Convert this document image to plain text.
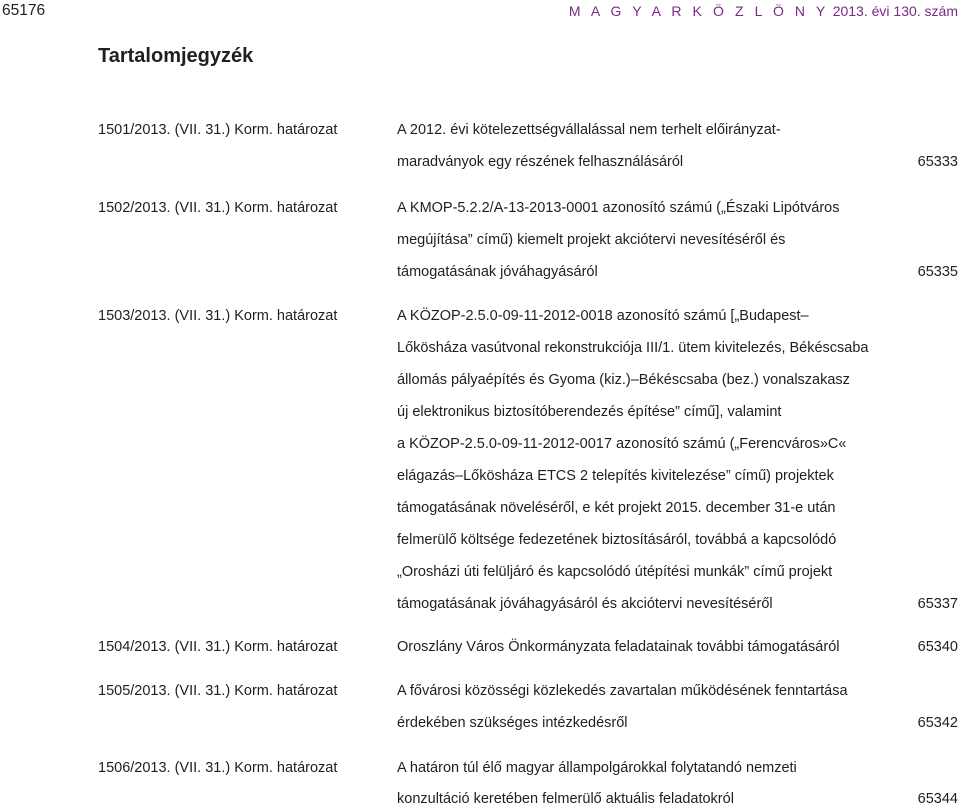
65176	M A G Y A R K Ö Z L Ö N Y 2013. évi 130. szám
Tartalomjegyzék
1501/2013. (VII. 31.) Korm. határozat	A 2012. évi kötelezettségvállalással nem terhelt előirányzat-
maradványok egy részének felhasználásáról	65333
1502/2013. (VII. 31.) Korm. határozat	A KMOP-5.2.2/A-13-2013-0001 azonosító számú („Északi Lipótváros
megújítása” című) kiemelt projekt akciótervi nevesítéséről és
támogatásának jóváhagyásáról	65335
1503/2013. (VII. 31.) Korm. határozat	A KÖZOP-2.5.0-09-11-2012-0018 azonosító számú [„Budapest–
Lőkösháza vasútvonal rekonstrukciója III/1. ütem kivitelezés, Békéscsaba
állomás pályaépítés és Gyoma (kiz.)–Békéscsaba (bez.) vonalszakasz
új elektronikus biztosítóberendezés építése” című], valamint
a KÖZOP-2.5.0-09-11-2012-0017 azonosító számú („Ferencváros»C«
elágazás–Lőkösháza ETCS 2 telepítés kivitelezése” című) projektek
támogatásának növeléséről, e két projekt 2015. december 31-e után
felmerülő költsége fedezetének biztosításáról, továbbá a kapcsolódó
„Orosházi úti felüljáró és kapcsolódó útépítési munkák” című projekt
támogatásának jóváhagyásáról és akciótervi nevesítéséről	65337
1504/2013. (VII. 31.) Korm. határozat	Oroszlány Város Önkormányzata feladatainak további támogatásáról	65340
1505/2013. (VII. 31.) Korm. határozat	A fővárosi közösségi közlekedés zavartalan működésének fenntartása
érdekében szükséges intézkedésről	65342
1506/2013. (VII. 31.) Korm. határozat	A határon túl élő magyar állampolgárokkal folytatandó nemzeti
konzultáció keretében felmerülő aktuális feladatokról	65344
